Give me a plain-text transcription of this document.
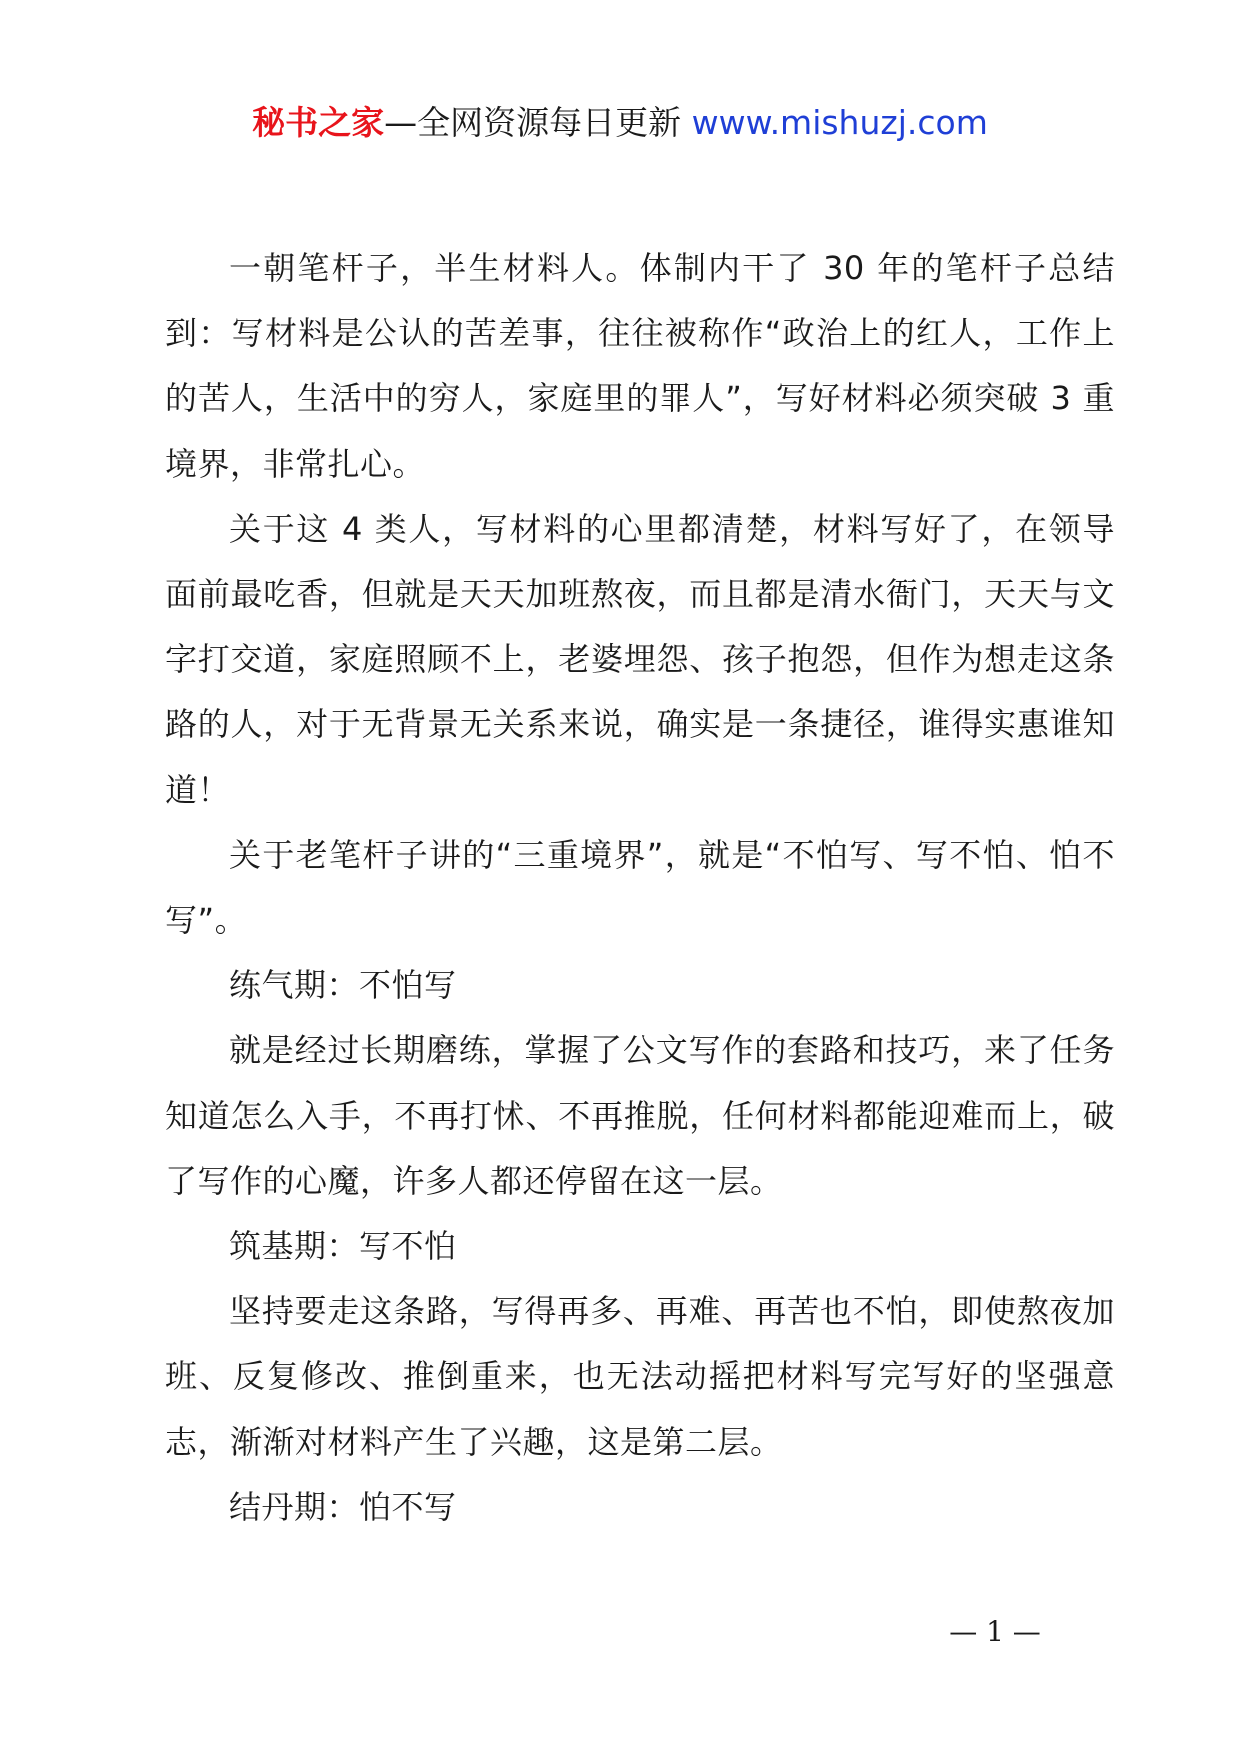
秘书之家—全网资源每日更新 www.mishuzj.com

一朝笔杆子，半生材料人。体制内干了 30 年的笔杆子总结到：写材料是公认的苦差事，往往被称作“政治上的红人，工作上的苦人，生活中的穷人，家庭里的罪人”，写好材料必须突破 3 重境界，非常扎心。

关于这 4 类人，写材料的心里都清楚，材料写好了，在领导面前最吃香，但就是天天加班熬夜，而且都是清水衙门，天天与文字打交道，家庭照顾不上，老婆埋怨、孩子抱怨，但作为想走这条路的人，对于无背景无关系来说，确实是一条捷径，谁得实惠谁知道！

关于老笔杆子讲的“三重境界”，就是“不怕写、写不怕、怕不写”。

练气期：不怕写

就是经过长期磨练，掌握了公文写作的套路和技巧，来了任务知道怎么入手，不再打怵、不再推脱，任何材料都能迎难而上，破了写作的心魔，许多人都还停留在这一层。

筑基期：写不怕

坚持要走这条路，写得再多、再难、再苦也不怕，即使熬夜加班、反复修改、推倒重来，也无法动摇把材料写完写好的坚强意志，渐渐对材料产生了兴趣，这是第二层。

结丹期：怕不写

— 1 —
